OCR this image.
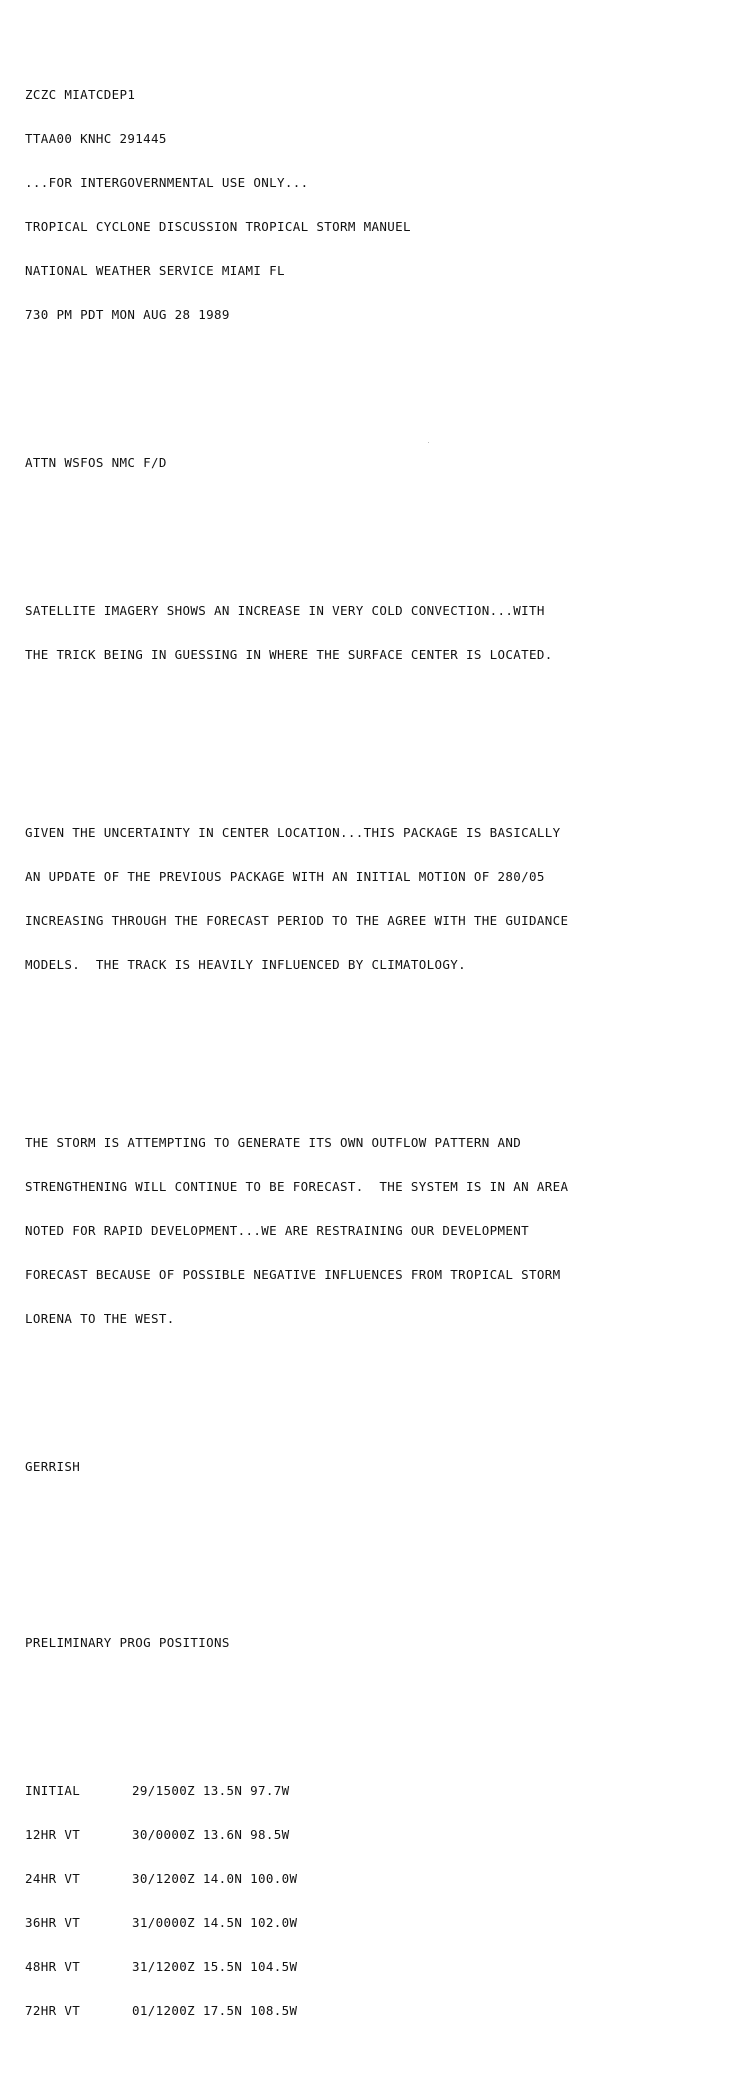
ZCZC MIATCDEP1

TTAA00 KNHC 291445

...FOR INTERGOVERNMENTAL USE ONLY...

TROPICAL CYCLONE DISCUSSION TROPICAL STORM MANUEL

NATIONAL WEATHER SERVICE MIAMI FL

730 PM PDT MON AUG 28 1989

ATTN WSFOS NMC F/D

SATELLITE IMAGERY SHOWS AN INCREASE IN VERY COLD CONVECTION...WITH

THE TRICK BEING IN GUESSING IN WHERE THE SURFACE CENTER IS LOCATED.

GIVEN THE UNCERTAINTY IN CENTER LOCATION...THIS PACKAGE IS BASICALLY

AN UPDATE OF THE PREVIOUS PACKAGE WITH AN INITIAL MOTION OF 280/05

INCREASING THROUGH THE FORECAST PERIOD TO THE AGREE WITH THE GUIDANCE

MODELS.  THE TRACK IS HEAVILY INFLUENCED BY CLIMATOLOGY.

THE STORM IS ATTEMPTING TO GENERATE ITS OWN OUTFLOW PATTERN AND

STRENGTHENING WILL CONTINUE TO BE FORECAST.  THE SYSTEM IS IN AN AREA

NOTED FOR RAPID DEVELOPMENT...WE ARE RESTRAINING OUR DEVELOPMENT

FORECAST BECAUSE OF POSSIBLE NEGATIVE INFLUENCES FROM TROPICAL STORM

LORENA TO THE WEST.

GERRISH

PRELIMINARY PROG POSITIONS

INITIAL

	29/1500Z 13.5N 97.7W

12HR VT

	30/0000Z 13.6N 98.5W

24HR VT

	30/1200Z 14.0N 100.0W

36HR VT

	31/0000Z 14.5N 102.0W

48HR VT

	31/1200Z 15.5N 104.5W

72HR VT

	01/1200Z 17.5N 108.5W
